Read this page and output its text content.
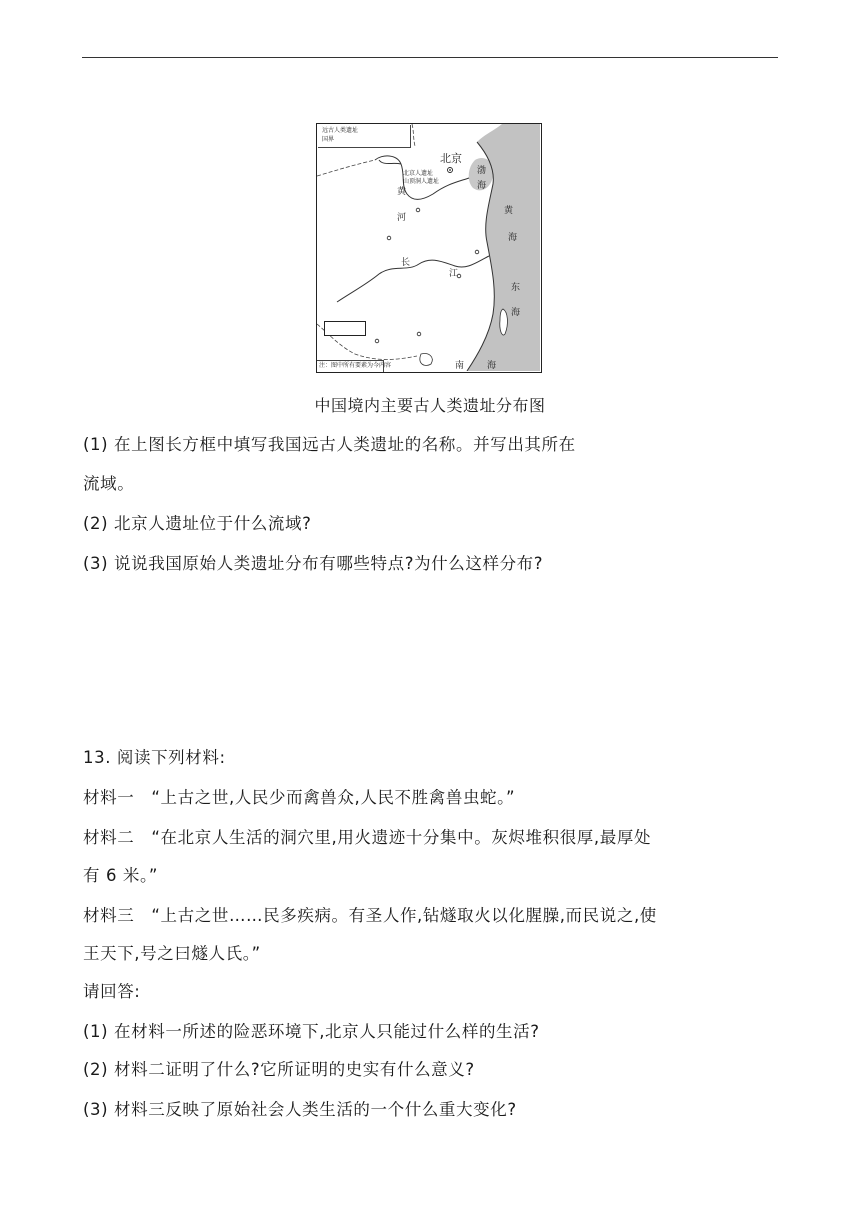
远古人类遗址
国界
北京
北京人遗址
山顶洞人遗址
黄
河
渤
海
黄
海
长
江
东
海
南	海
注：图中所有要素为今内容
中国境内主要古人类遗址分布图
(1) 在上图长方框中填写我国远古人类遗址的名称。并写出其所在
流域。
(2) 北京人遗址位于什么流域?
(3) 说说我国原始人类遗址分布有哪些特点?为什么这样分布?
13. 阅读下列材料:
材料一　“上古之世,人民少而禽兽众,人民不胜禽兽虫蛇。”
材料二　“在北京人生活的洞穴里,用火遗迹十分集中。灰烬堆积很厚,最厚处
有 6 米。”
材料三　“上古之世……民多疾病。有圣人作,钻燧取火以化腥臊,而民说之,使
王天下,号之曰燧人氏。”
请回答:
(1) 在材料一所述的险恶环境下,北京人只能过什么样的生活?
(2) 材料二证明了什么?它所证明的史实有什么意义?
(3) 材料三反映了原始社会人类生活的一个什么重大变化?
